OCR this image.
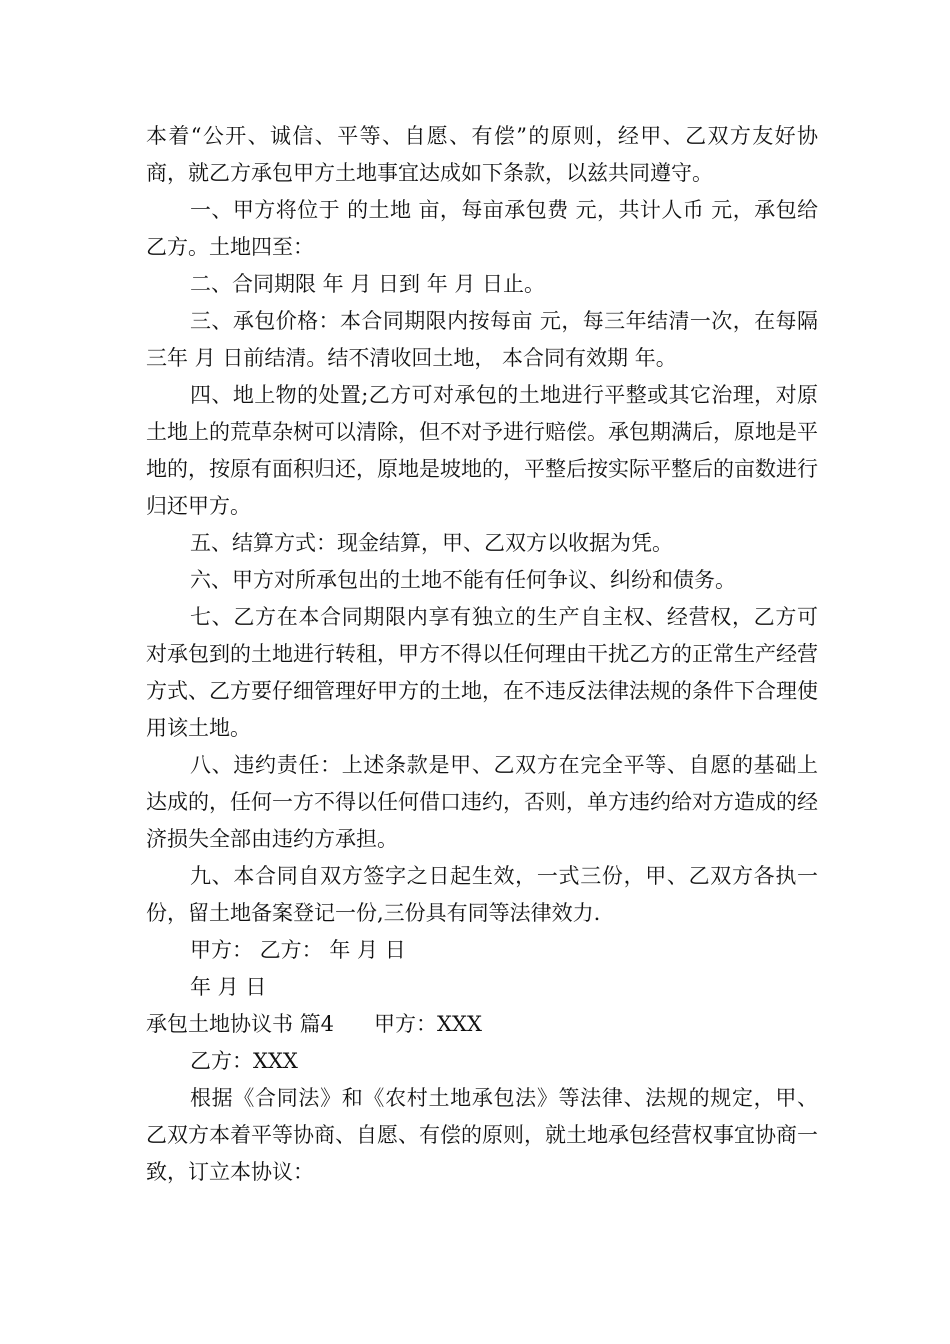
本着“公开、诚信、平等、自愿、有偿”的原则，经甲、乙双方友好协商，就乙方承包甲方土地事宜达成如下条款，以兹共同遵守。

一、甲方将位于 的土地 亩，每亩承包费 元，共计人币 元，承包给乙方。土地四至：

二、合同期限 年 月 日到 年 月 日止。

三、承包价格：本合同期限内按每亩 元，每三年结清一次，在每隔三年 月 日前结清。结不清收回土地， 本合同有效期 年。

四、地上物的处置;乙方可对承包的土地进行平整或其它治理，对原土地上的荒草杂树可以清除，但不对予进行赔偿。承包期满后，原地是平地的，按原有面积归还，原地是坡地的，平整后按实际平整后的亩数进行归还甲方。

五、结算方式：现金结算，甲、乙双方以收据为凭。

六、甲方对所承包出的土地不能有任何争议、纠纷和债务。

七、乙方在本合同期限内享有独立的生产自主权、经营权，乙方可对承包到的土地进行转租，甲方不得以任何理由干扰乙方的正常生产经营方式、乙方要仔细管理好甲方的土地，在不违反法律法规的条件下合理使用该土地。

八、违约责任：上述条款是甲、乙双方在完全平等、自愿的基础上达成的，任何一方不得以任何借口违约，否则，单方违约给对方造成的经济损失全部由违约方承担。

九、本合同自双方签字之日起生效，一式三份，甲、乙双方各执一份，留土地备案登记一份,三份具有同等法律效力.

甲方： 乙方： 年 月 日

年 月 日

承包土地协议书 篇4 甲方：XXX

乙方：XXX

根据《合同法》和《农村土地承包法》等法律、法规的规定，甲、乙双方本着平等协商、自愿、有偿的原则，就土地承包经营权事宜协商一致，订立本协议：
